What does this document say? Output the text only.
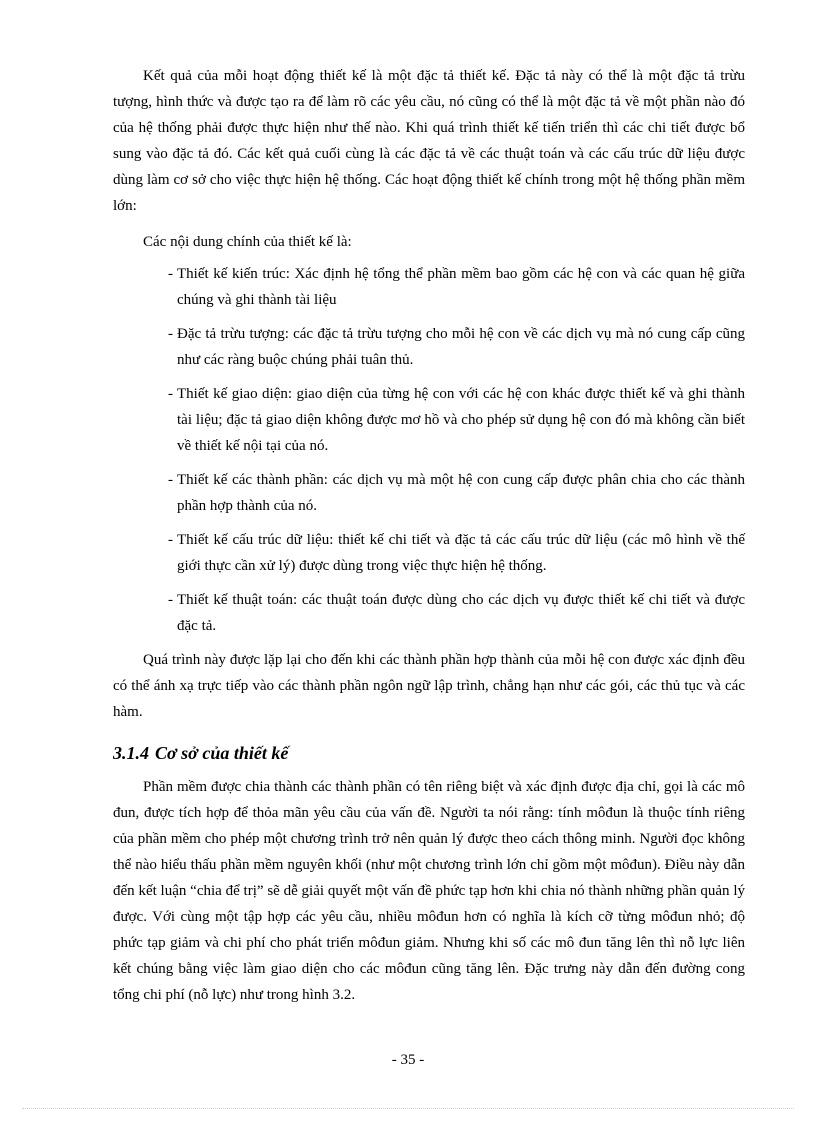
Kết quả của mỗi hoạt động thiết kế là một đặc tả thiết kế. Đặc tả này có thể là một đặc tả trừu tượng, hình thức và được tạo ra để làm rõ các yêu cầu, nó cũng có thể là một đặc tả về một phần nào đó của hệ thống phải được thực hiện như thế nào. Khi quá trình thiết kế tiến triển thì các chi tiết được bổ sung vào đặc tả đó. Các kết quả cuối cùng là các đặc tả về các thuật toán và các cấu trúc dữ liệu được dùng làm cơ sở cho việc thực hiện hệ thống. Các hoạt động thiết kế chính trong một hệ thống phần mềm lớn:

Các nội dung chính của thiết kế là:

- Thiết kế kiến trúc: Xác định hệ tổng thể phần mềm bao gồm các hệ con và các quan hệ giữa chúng và ghi thành tài liệu
- Đặc tả trừu tượng: các đặc tả trừu tượng cho mỗi hệ con về các dịch vụ mà nó cung cấp cũng như các ràng buộc chúng phải tuân thủ.
- Thiết kế giao diện: giao diện của từng hệ con với các hệ con khác được thiết kế và ghi thành tài liệu; đặc tả giao diện không được mơ hồ và cho phép sử dụng hệ con đó mà không cần biết về thiết kế nội tại của nó.
- Thiết kế các thành phần: các dịch vụ mà một hệ con cung cấp được phân chia cho các thành phần hợp thành của nó.
- Thiết kế cấu trúc dữ liệu: thiết kế chi tiết và đặc tả các cấu trúc dữ liệu (các mô hình về thế giới thực cần xử lý) được dùng trong việc thực hiện hệ thống.
- Thiết kế thuật toán: các thuật toán được dùng cho các dịch vụ được thiết kế chi tiết và được đặc tả.

Quá trình này được lặp lại cho đến khi các thành phần hợp thành của mỗi hệ con được xác định đều có thể ánh xạ trực tiếp vào các thành phần ngôn ngữ lập trình, chẳng hạn như các gói, các thủ tục và các hàm.

3.1.4 Cơ sở của thiết kế

Phần mềm được chia thành các thành phần có tên riêng biệt và xác định được địa chỉ, gọi là các mô đun, được tích hợp để thỏa mãn yêu cầu của vấn đề. Người ta nói rằng: tính môđun là thuộc tính riêng của phần mềm cho phép một chương trình trở nên quản lý được theo cách thông minh. Người đọc không thể nào hiểu thấu phần mềm nguyên khối (như một chương trình lớn chỉ gồm một môđun). Điều này dẫn đến kết luận “chia để trị” sẽ dễ giải quyết một vấn đề phức tạp hơn khi chia nó thành những phần quản lý được. Với cùng một tập hợp các yêu cầu, nhiều môđun hơn có nghĩa là kích cỡ từng môđun nhỏ; độ phức tạp giảm và chi phí cho phát triển môđun giảm. Nhưng khi số các mô đun tăng lên thì nỗ lực liên kết chúng bằng việc làm giao diện cho các môđun cũng tăng lên. Đặc trưng này dẫn đến đường cong tổng chi phí (nỗ lực) như trong hình 3.2.

- 35 -
